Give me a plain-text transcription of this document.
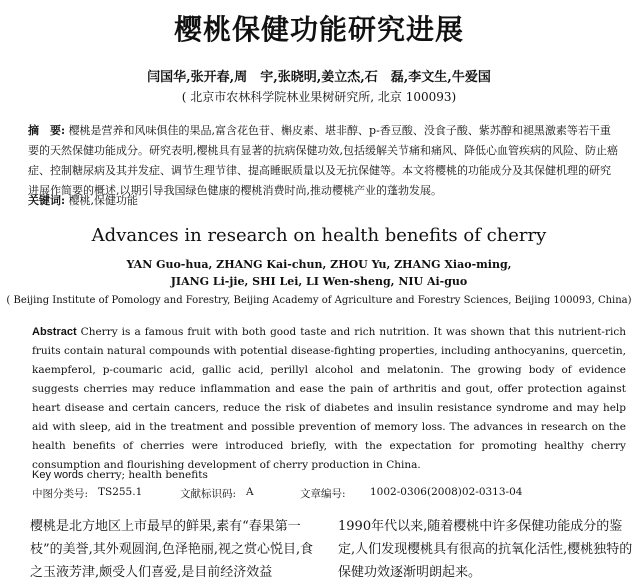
樱桃保健功能研究进展
闫国华,张开春,周　宇,张晓明,姜立杰,石　磊,李文生,牛爱国
( 北京市农林科学院林业果树研究所, 北京 100093)
摘　要: 樱桃是营养和风味俱佳的果品,富含花色苷、槲皮素、堪非醇、p-香豆酸、没食子酸、紫苏醇和褪黑激素等若干重要的天然保健功能成分。研究表明,樱桃具有显著的抗病保健功效,包括缓解关节痛和痛风、降低心血管疾病的风险、防止癌症、控制糖尿病及其并发症、调节生理节律、提高睡眠质量以及无抗保健等。本文将樱桃的功能成分及其保健机理的研究进展作简要的概述,以期引导我国绿色健康的樱桃消费时尚,推动樱桃产业的蓬勃发展。
关键词: 樱桃,保健功能
Advances in research on health benefits of cherry
YAN Guo-hua, ZHANG Kai-chun, ZHOU Yu, ZHANG Xiao-ming,
JIANG Li-jie, SHI Lei, LI Wen-sheng, NIU Ai-guo
( Beijing Institute of Pomology and Forestry, Beijing Academy of Agriculture and Forestry Sciences, Beijing 100093, China)
Abstract Cherry is a famous fruit with both good taste and rich nutrition. It was shown that this nutrient-rich fruits contain natural compounds with potential disease-fighting properties, including anthocyanins, quercetin, kaempferol, p-coumaric acid, gallic acid, perillyl alcohol and melatonin. The growing body of evidence suggests cherries may reduce inflammation and ease the pain of arthritis and gout, offer protection against heart disease and certain cancers, reduce the risk of diabetes and insulin resistance syndrome and may help aid with sleep, aid in the treatment and possible prevention of memory loss. The advances in research on the health benefits of cherries were introduced briefly, with the expectation for promoting healthy cherry consumption and flourishing development of cherry production in China.
Key words cherry; health benefits
中图分类号: TS255.1	文献标识码: A	文章编号: 1002-0306(2008)02-0313-04
樱桃是北方地区上市最早的鲜果,素有“春果第一枝”的美誉,其外观圆润,色泽艳丽,视之赏心悦目,食之玉液芳津,颇受人们喜爱,是目前经济效益
1990年代以来,随着樱桃中许多保健功能成分的鉴定,人们发现樱桃具有很高的抗氧化活性,樱桃独特的保健功效逐渐明朗起来。
